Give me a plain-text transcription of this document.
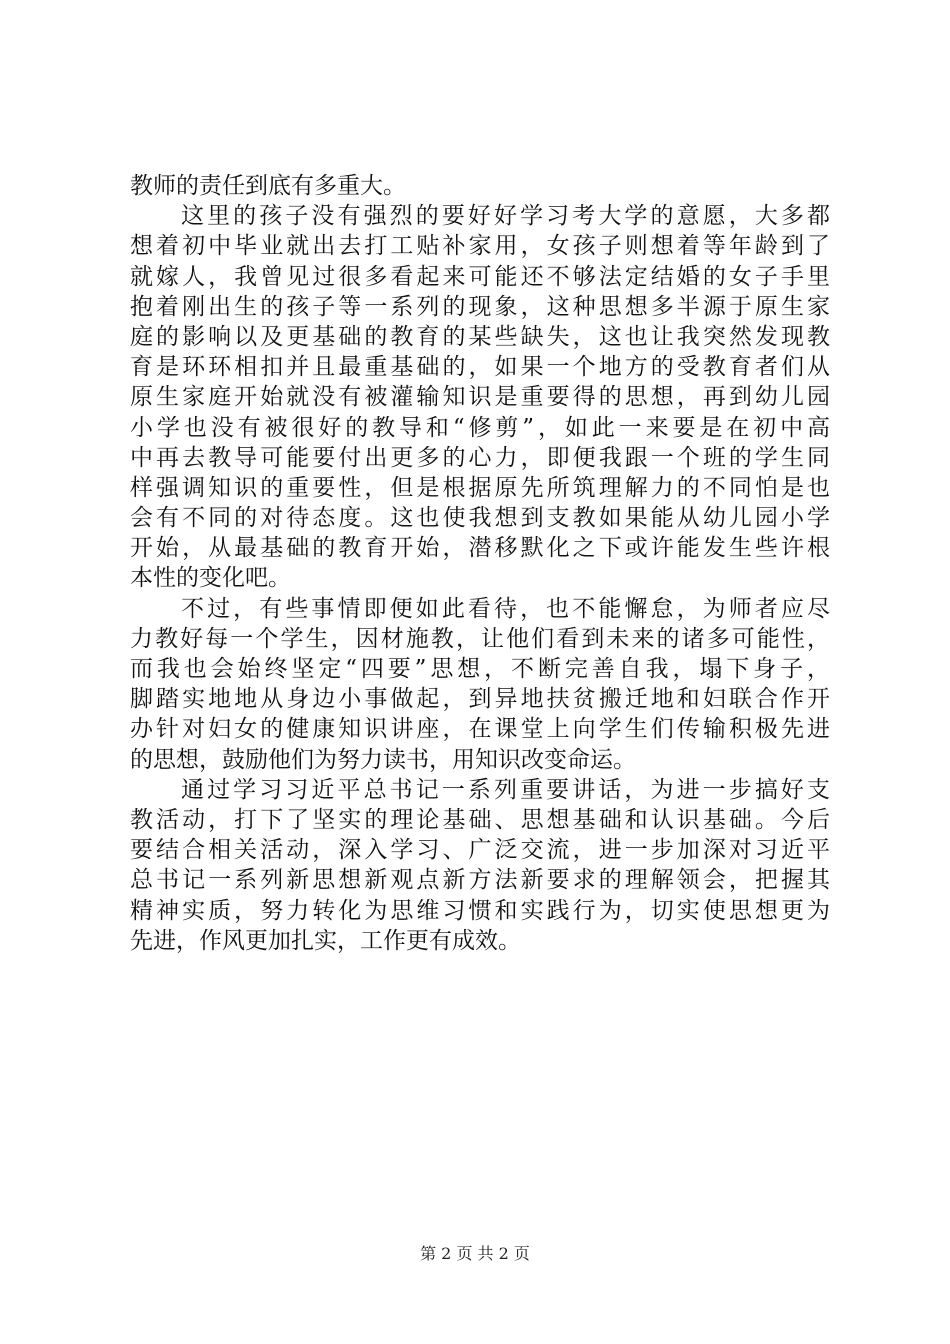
教师的责任到底有多重大。
这里的孩子没有强烈的要好好学习考大学的意愿，大多都
想着初中毕业就出去打工贴补家用，女孩子则想着等年龄到了
就嫁人，我曾见过很多看起来可能还不够法定结婚的女子手里
抱着刚出生的孩子等一系列的现象，这种思想多半源于原生家
庭的影响以及更基础的教育的某些缺失，这也让我突然发现教
育是环环相扣并且最重基础的，如果一个地方的受教育者们从
原生家庭开始就没有被灌输知识是重要得的思想，再到幼儿园
小学也没有被很好的教导和“修剪”，如此一来要是在初中高
中再去教导可能要付出更多的心力，即便我跟一个班的学生同
样强调知识的重要性，但是根据原先所筑理解力的不同怕是也
会有不同的对待态度。这也使我想到支教如果能从幼儿园小学
开始，从最基础的教育开始，潜移默化之下或许能发生些许根
本性的变化吧。
不过，有些事情即便如此看待，也不能懈怠，为师者应尽
力教好每一个学生，因材施教，让他们看到未来的诸多可能性，
而我也会始终坚定“四要”思想，不断完善自我，塌下身子，
脚踏实地地从身边小事做起，到异地扶贫搬迁地和妇联合作开
办针对妇女的健康知识讲座，在课堂上向学生们传输积极先进
的思想，鼓励他们为努力读书，用知识改变命运。
通过学习习近平总书记一系列重要讲话，为进一步搞好支
教活动，打下了坚实的理论基础、思想基础和认识基础。今后
要结合相关活动，深入学习、广泛交流，进一步加深对习近平
总书记一系列新思想新观点新方法新要求的理解领会，把握其
精神实质，努力转化为思维习惯和实践行为，切实使思想更为
先进，作风更加扎实，工作更有成效。
第 2 页 共 2 页
